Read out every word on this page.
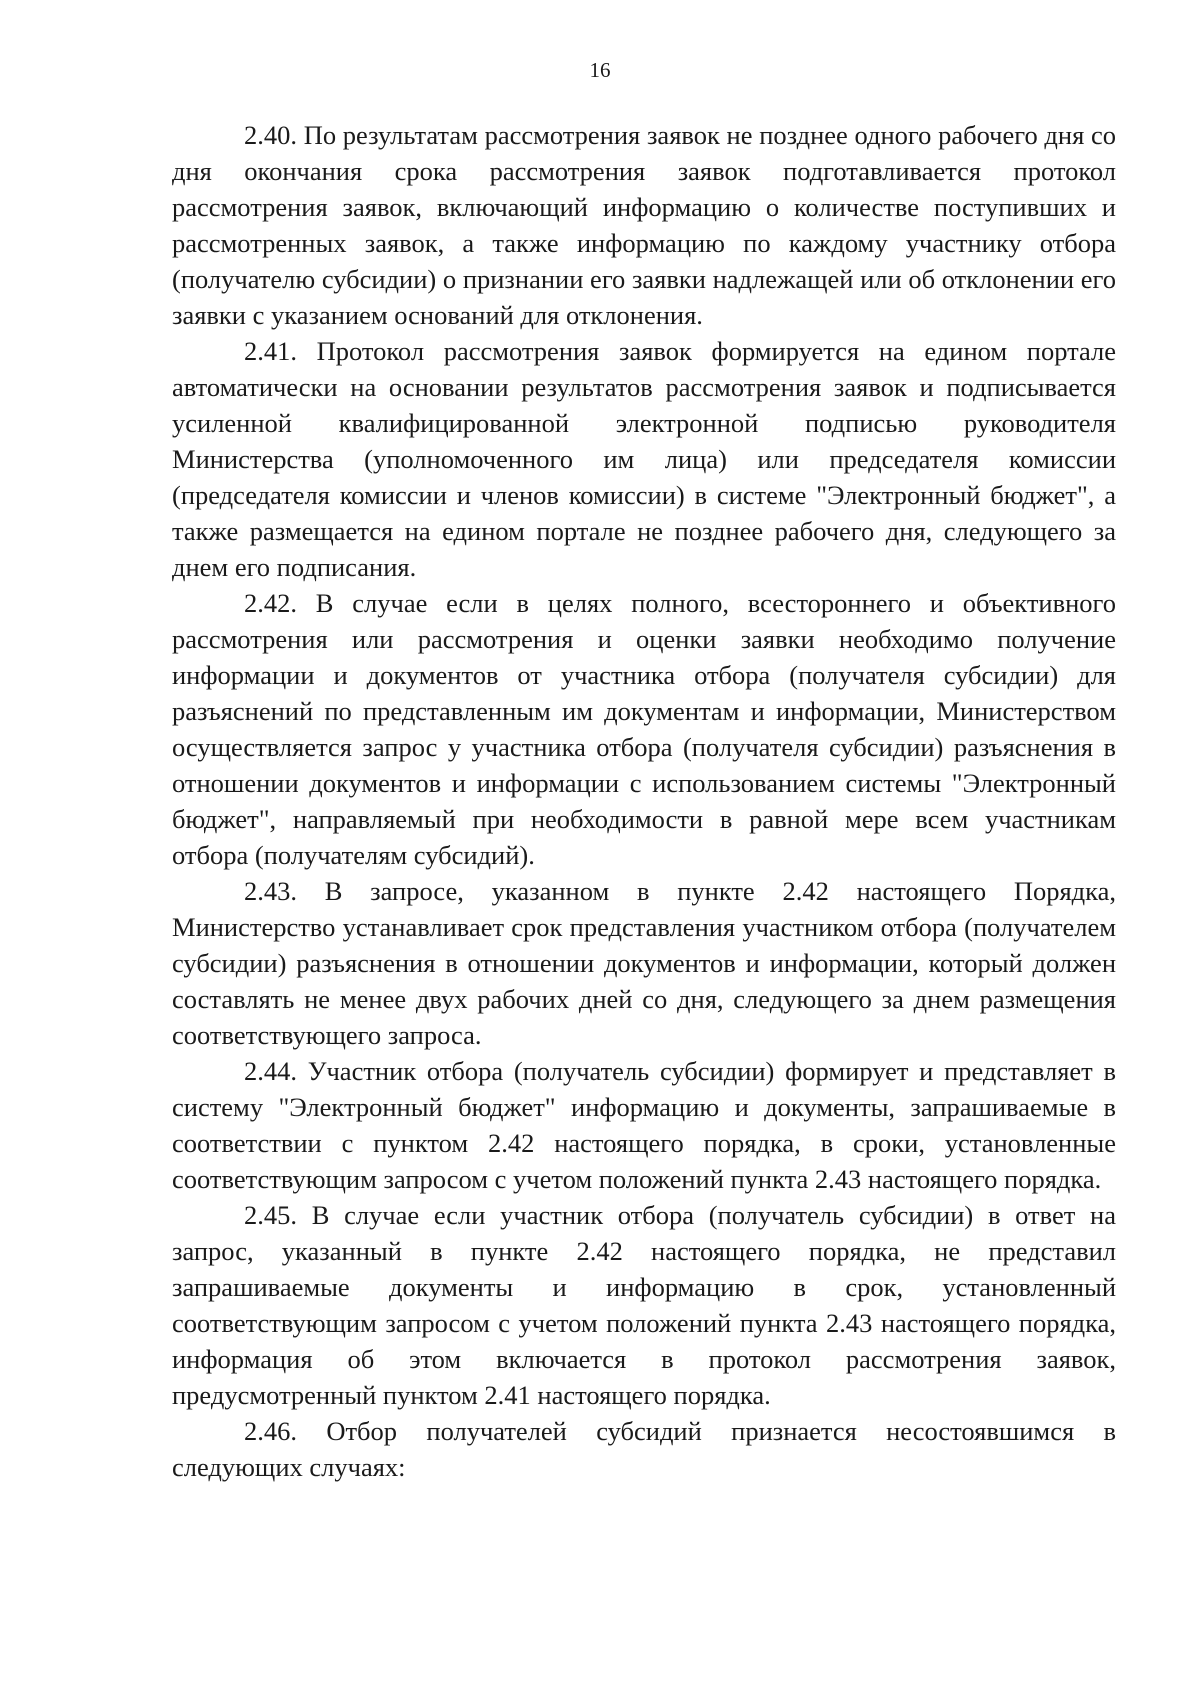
16

2.40. По результатам рассмотрения заявок не позднее одного рабочего дня со дня окончания срока рассмотрения заявок подготавливается протокол рассмотрения заявок, включающий информацию о количестве поступивших и рассмотренных заявок, а также информацию по каждому участнику отбора (получателю субсидии) о признании его заявки надлежащей или об отклонении его заявки с указанием оснований для отклонения.

2.41. Протокол рассмотрения заявок формируется на едином портале автоматически на основании результатов рассмотрения заявок и подписывается усиленной квалифицированной электронной подписью руководителя Министерства (уполномоченного им лица) или председателя комиссии (председателя комиссии и членов комиссии) в системе "Электронный бюджет", а также размещается на едином портале не позднее рабочего дня, следующего за днем его подписания.

2.42. В случае если в целях полного, всестороннего и объективного рассмотрения или рассмотрения и оценки заявки необходимо получение информации и документов от участника отбора (получателя субсидии) для разъяснений по представленным им документам и информации, Министерством осуществляется запрос у участника отбора (получателя субсидии) разъяснения в отношении документов и информации с использованием системы "Электронный бюджет", направляемый при необходимости в равной мере всем участникам отбора (получателям субсидий).

2.43. В запросе, указанном в пункте 2.42 настоящего Порядка, Министерство устанавливает срок представления участником отбора (получателем субсидии) разъяснения в отношении документов и информации, который должен составлять не менее двух рабочих дней со дня, следующего за днем размещения соответствующего запроса.

2.44. Участник отбора (получатель субсидии) формирует и представляет в систему "Электронный бюджет" информацию и документы, запрашиваемые в соответствии с пунктом 2.42 настоящего порядка, в сроки, установленные соответствующим запросом с учетом положений пункта 2.43 настоящего порядка.

2.45. В случае если участник отбора (получатель субсидии) в ответ на запрос, указанный в пункте 2.42 настоящего порядка, не представил запрашиваемые документы и информацию в срок, установленный соответствующим запросом с учетом положений пункта 2.43 настоящего порядка, информация об этом включается в протокол рассмотрения заявок, предусмотренный пунктом 2.41 настоящего порядка.

2.46. Отбор получателей субсидий признается несостоявшимся в следующих случаях:
